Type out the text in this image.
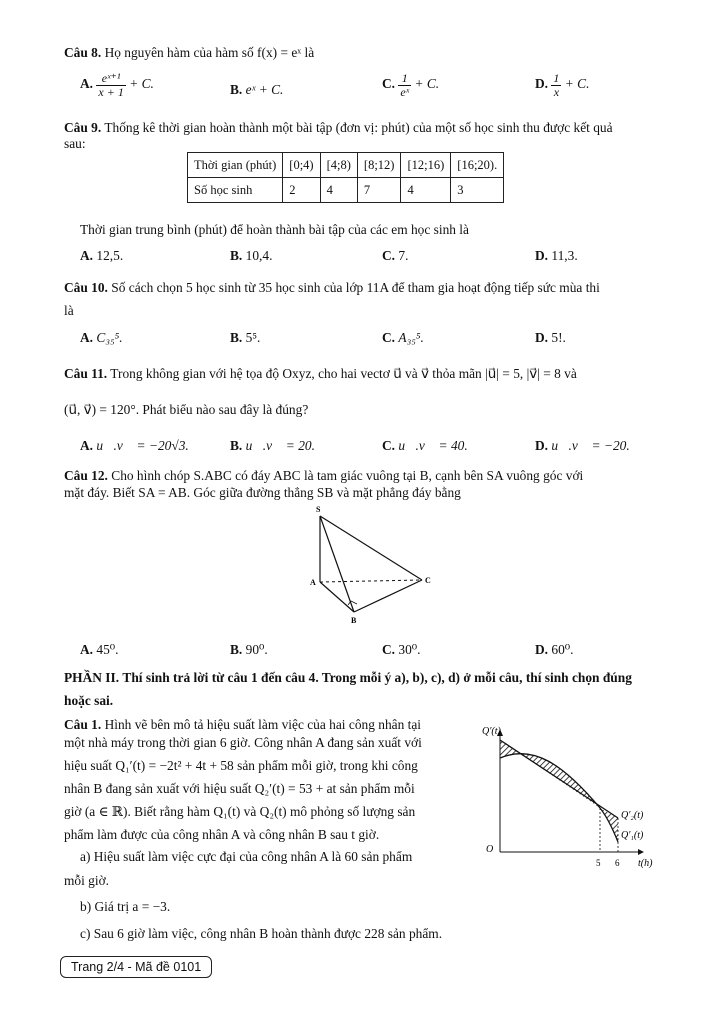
Câu 8. Họ nguyên hàm của hàm số f(x) = eˣ là
A. $\frac{\text{eˣ⁺¹}}{x + 1} + C$.	B. eˣ + C.	C. $\frac{1}{\text{eˣ}} + C$.	D. $\frac{1}{x} + C$.
Câu 9. Thống kê thời gian hoàn thành một bài tập (đơn vị: phút) của một số học sinh thu được kết quả
sau:
Thời gian (phút)	[0;4)	[4;8)	[8;12)	[12;16)	[16;20).
Số học sinh	2	4	7	4	3
Thời gian trung bình (phút) để hoàn thành bài tập của các em học sinh là
A. 12,5.	B. 10,4.	C. 7.	D. 11,3.
Câu 10. Số cách chọn 5 học sinh từ 35 học sinh của lớp 11A để tham gia hoạt động tiếp sức mùa thi
là
A. C₃₅⁵.	B. 5⁵.	C. A₃₅⁵.	D. 5!.
Câu 11. Trong không gian với hệ tọa độ Oxyz, cho hai vectơ u⃗ và v⃗ thỏa mãn |u⃗| = 5, |v⃗| = 8 và
(u⃗, v⃗) = 120°. Phát biểu nào sau đây là đúng?
A. u⃗.v⃗ = −20√3.	B. u⃗.v⃗ = 20.	C. u⃗.v⃗ = 40.	D. u⃗.v⃗ = −20.
Câu 12. Cho hình chóp S.ABC có đáy ABC là tam giác vuông tại B, cạnh bên SA vuông góc với
mặt đáy. Biết SA = AB. Góc giữa đường thẳng SB và mặt phẳng đáy bằng
S
A
B
C
A. 45⁰.	B. 90⁰.	C. 30⁰.	D. 60⁰.
PHẦN II. Thí sinh trả lời từ câu 1 đến câu 4. Trong mỗi ý a), b), c), d) ở mỗi câu, thí sinh chọn đúng
hoặc sai.
Câu 1. Hình vẽ bên mô tả hiệu suất làm việc của hai công nhân tại
một nhà máy trong thời gian 6 giờ. Công nhân A đang sản xuất với
hiệu suất Q₁′(t) = −2t² + 4t + 58 sản phẩm mỗi giờ, trong khi công
nhân B đang sản xuất với hiệu suất Q₂′(t) = 53 + at sản phẩm mỗi
giờ (a ∈ ℝ). Biết rằng hàm Q₁(t) và Q₂(t) mô phỏng số lượng sản
phẩm làm được của công nhân A và công nhân B sau t giờ.
a) Hiệu suất làm việc cực đại của công nhân A là 60 sản phẩm
mỗi giờ.
b) Giá trị a = −3.
c) Sau 6 giờ làm việc, công nhân B hoàn thành được 228 sản phẩm.
Q′(t)
O
5 6 t(h)
Q′₂(t)
Q′₁(t)
Trang 2/4 - Mã đề 0101
